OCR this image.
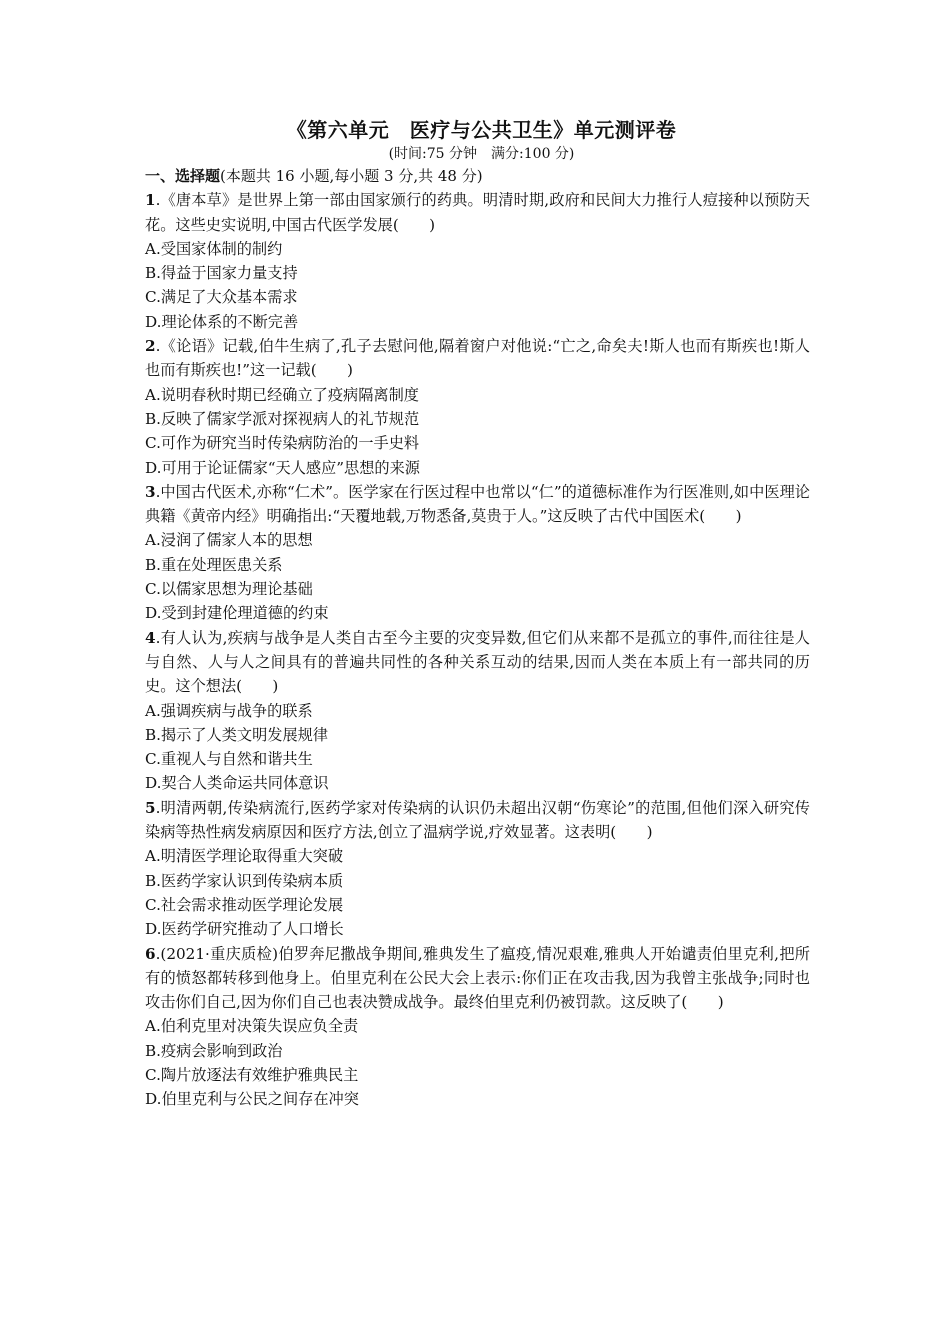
《第六单元　医疗与公共卫生》单元测评卷
(时间:75 分钟　满分:100 分)
一、选择题(本题共 16 小题,每小题 3 分,共 48 分)
1.《唐本草》是世界上第一部由国家颁行的药典。明清时期,政府和民间大力推行人痘接种以预防天花。这些史实说明,中国古代医学发展(　　)
A.受国家体制的制约
B.得益于国家力量支持
C.满足了大众基本需求
D.理论体系的不断完善
2.《论语》记载,伯牛生病了,孔子去慰问他,隔着窗户对他说:“亡之,命矣夫!斯人也而有斯疾也!斯人也而有斯疾也!”这一记载(　　)
A.说明春秋时期已经确立了疫病隔离制度
B.反映了儒家学派对探视病人的礼节规范
C.可作为研究当时传染病防治的一手史料
D.可用于论证儒家“天人感应”思想的来源
3.中国古代医术,亦称“仁术”。医学家在行医过程中也常以“仁”的道德标准作为行医准则,如中医理论典籍《黄帝内经》明确指出:“天覆地载,万物悉备,莫贵于人。”这反映了古代中国医术(　　)
A.浸润了儒家人本的思想
B.重在处理医患关系
C.以儒家思想为理论基础
D.受到封建伦理道德的约束
4.有人认为,疾病与战争是人类自古至今主要的灾变异数,但它们从来都不是孤立的事件,而往往是人与自然、人与人之间具有的普遍共同性的各种关系互动的结果,因而人类在本质上有一部共同的历史。这个想法(　　)
A.强调疾病与战争的联系
B.揭示了人类文明发展规律
C.重视人与自然和谐共生
D.契合人类命运共同体意识
5.明清两朝,传染病流行,医药学家对传染病的认识仍未超出汉朝“伤寒论”的范围,但他们深入研究传染病等热性病发病原因和医疗方法,创立了温病学说,疗效显著。这表明(　　)
A.明清医学理论取得重大突破
B.医药学家认识到传染病本质
C.社会需求推动医学理论发展
D.医药学研究推动了人口增长
6.(2021·重庆质检)伯罗奔尼撒战争期间,雅典发生了瘟疫,情况艰难,雅典人开始谴责伯里克利,把所有的愤怒都转移到他身上。伯里克利在公民大会上表示:你们正在攻击我,因为我曾主张战争;同时也攻击你们自己,因为你们自己也表决赞成战争。最终伯里克利仍被罚款。这反映了(　　)
A.伯利克里对决策失误应负全责
B.疫病会影响到政治
C.陶片放逐法有效维护雅典民主
D.伯里克利与公民之间存在冲突
